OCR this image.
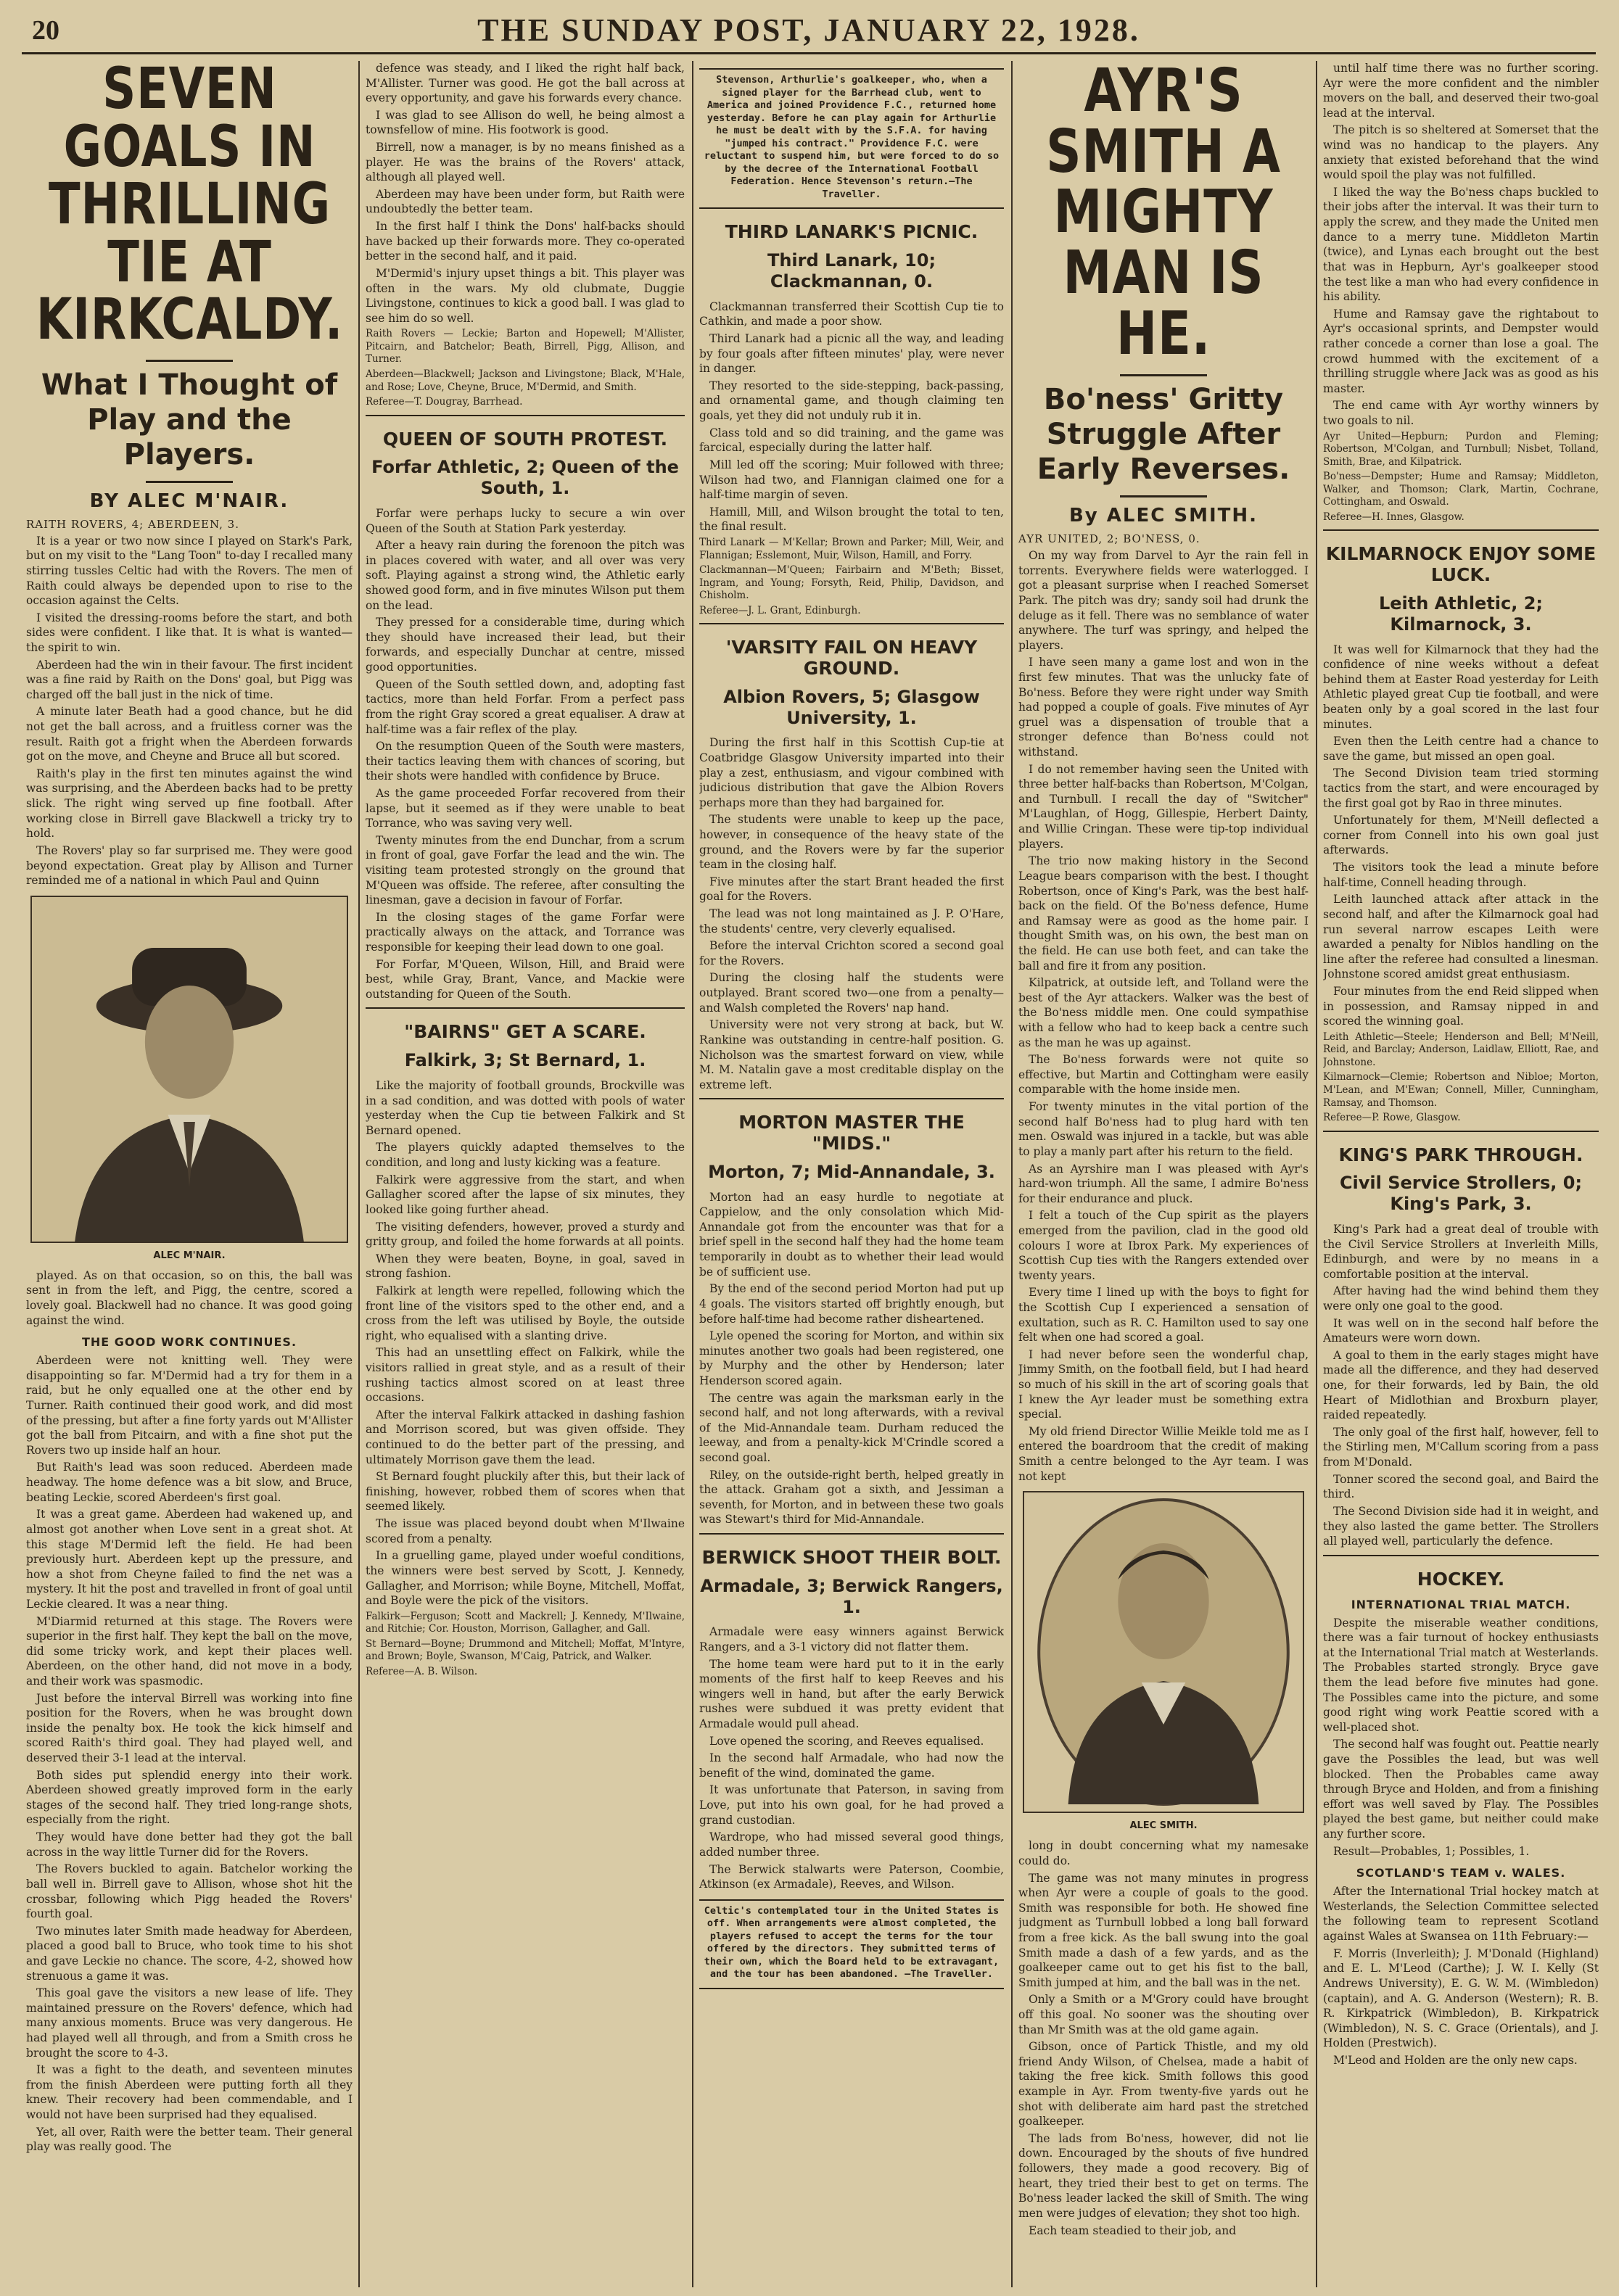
20	THE SUNDAY POST, JANUARY 22, 1928.
SEVEN GOALS IN THRILLING TIE AT KIRKCALDY.
What I Thought of Play and the Players.
BY ALEC M'NAIR.
RAITH ROVERS, 4; ABERDEEN, 3.

It is a year or two now since I played on Stark's Park, but on my visit to the "Lang Toon" to-day I recalled many stirring tussles Celtic had with the Rovers. The men of Raith could always be depended upon to rise to the occasion against the Celts.

I visited the dressing-rooms before the start, and both sides were confident. I like that. It is what is wanted—the spirit to win.

Aberdeen had the win in their favour. The first incident was a fine raid by Raith on the Dons' goal, but Pigg was charged off the ball just in the nick of time.

A minute later Beath had a good chance, but he did not get the ball across, and a fruitless corner was the result. Raith got a fright when the Aberdeen forwards got on the move, and Cheyne and Bruce all but scored.

Raith's play in the first ten minutes against the wind was surprising, and the Aberdeen backs had to be pretty slick. The right wing served up fine football. After working close in Birrell gave Blackwell a tricky try to hold.

The Rovers' play so far surprised me. They were good beyond expectation. Great play by Allison and Turner reminded me of a national in which Paul and Quinn

ALEC M'NAIR.

played. As on that occasion, so on this, the ball was sent in from the left, and Pigg, the centre, scored a lovely goal. Blackwell had no chance. It was good going against the wind.

THE GOOD WORK CONTINUES.

Aberdeen were not knitting well. They were disappointing so far. M'Dermid had a try for them in a raid, but he only equalled one at the other end by Turner. Raith continued their good work, and did most of the pressing, but after a fine forty yards out M'Allister got the ball from Pitcairn, and with a fine shot put the Rovers two up inside half an hour.

But Raith's lead was soon reduced. Aberdeen made headway. The home defence was a bit slow, and Bruce, beating Leckie, scored Aberdeen's first goal.

It was a great game. Aberdeen had wakened up, and almost got another when Love sent in a great shot. At this stage M'Dermid left the field. He had been previously hurt. Aberdeen kept up the pressure, and how a shot from Cheyne failed to find the net was a mystery. It hit the post and travelled in front of goal until Leckie cleared. It was a near thing.

M'Diarmid returned at this stage. The Rovers were superior in the first half. They kept the ball on the move, did some tricky work, and kept their places well. Aberdeen, on the other hand, did not move in a body, and their work was spasmodic.

Just before the interval Birrell was working into fine position for the Rovers, when he was brought down inside the penalty box. He took the kick himself and scored Raith's third goal. They had played well, and deserved their 3-1 lead at the interval.

Both sides put splendid energy into their work. Aberdeen showed greatly improved form in the early stages of the second half. They tried long-range shots, especially from the right.

They would have done better had they got the ball across in the way little Turner did for the Rovers.

The Rovers buckled to again. Batchelor working the ball well in. Birrell gave to Allison, whose shot hit the crossbar, following which Pigg headed the Rovers' fourth goal.

Two minutes later Smith made headway for Aberdeen, placed a good ball to Bruce, who took time to his shot and gave Leckie no chance. The score, 4-2, showed how strenuous a game it was.

This goal gave the visitors a new lease of life. They maintained pressure on the Rovers' defence, which had many anxious moments. Bruce was very dangerous. He had played well all through, and from a Smith cross he brought the score to 4-3.

It was a fight to the death, and seventeen minutes from the finish Aberdeen were putting forth all they knew. Their recovery had been commendable, and I would not have been surprised had they equalised.

Yet, all over, Raith were the better team. Their general play was really good. The

defence was steady, and I liked the right half back, M'Allister. Turner was good. He got the ball across at every opportunity, and gave his forwards every chance.

I was glad to see Allison do well, he being almost a townsfellow of mine. His footwork is good.

Birrell, now a manager, is by no means finished as a player. He was the brains of the Rovers' attack, although all played well.

Aberdeen may have been under form, but Raith were undoubtedly the better team.

In the first half I think the Dons' half-backs should have backed up their forwards more. They co-operated better in the second half, and it paid.

M'Dermid's injury upset things a bit. This player was often in the wars. My old clubmate, Duggie Livingstone, continues to kick a good ball. I was glad to see him do so well.

Raith Rovers — Leckie; Barton and Hopewell; M'Allister, Pitcairn, and Batchelor; Beath, Birrell, Pigg, Allison, and Turner.

Aberdeen—Blackwell; Jackson and Livingstone; Black, M'Hale, and Rose; Love, Cheyne, Bruce, M'Dermid, and Smith.

Referee—T. Dougray, Barrhead.

QUEEN OF SOUTH PROTEST.
Forfar Athletic, 2; Queen of the South, 1.

Forfar were perhaps lucky to secure a win over Queen of the South at Station Park yesterday.

After a heavy rain during the forenoon the pitch was in places covered with water, and all over was very soft. Playing against a strong wind, the Athletic early showed good form, and in five minutes Wilson put them on the lead.

They pressed for a considerable time, during which they should have increased their lead, but their forwards, and especially Dunchar at centre, missed good opportunities.

Queen of the South settled down, and, adopting fast tactics, more than held Forfar. From a perfect pass from the right Gray scored a great equaliser. A draw at half-time was a fair reflex of the play.

On the resumption Queen of the South were masters, their tactics leaving them with chances of scoring, but their shots were handled with confidence by Bruce.

As the game proceeded Forfar recovered from their lapse, but it seemed as if they were unable to beat Torrance, who was saving very well.

Twenty minutes from the end Dunchar, from a scrum in front of goal, gave Forfar the lead and the win. The visiting team protested strongly on the ground that M'Queen was offside. The referee, after consulting the linesman, gave a decision in favour of Forfar.

In the closing stages of the game Forfar were practically always on the attack, and Torrance was responsible for keeping their lead down to one goal.

For Forfar, M'Queen, Wilson, Hill, and Braid were best, while Gray, Brant, Vance, and Mackie were outstanding for Queen of the South.

"BAIRNS" GET A SCARE.
Falkirk, 3; St Bernard, 1.

Like the majority of football grounds, Brockville was in a sad condition, and was dotted with pools of water yesterday when the Cup tie between Falkirk and St Bernard opened.

The players quickly adapted themselves to the condition, and long and lusty kicking was a feature.

Falkirk were aggressive from the start, and when Gallagher scored after the lapse of six minutes, they looked like going further ahead.

The visiting defenders, however, proved a sturdy and gritty group, and foiled the home forwards at all points.

When they were beaten, Boyne, in goal, saved in strong fashion.

Falkirk at length were repelled, following which the front line of the visitors sped to the other end, and a cross from the left was utilised by Boyle, the outside right, who equalised with a slanting drive.

This had an unsettling effect on Falkirk, while the visitors rallied in great style, and as a result of their rushing tactics almost scored on at least three occasions.

After the interval Falkirk attacked in dashing fashion and Morrison scored, but was given offside. They continued to do the better part of the pressing, and ultimately Morrison gave them the lead.

St Bernard fought pluckily after this, but their lack of finishing, however, robbed them of scores when that seemed likely.

The issue was placed beyond doubt when M'Ilwaine scored from a penalty.

In a gruelling game, played under woeful conditions, the winners were best served by Scott, J. Kennedy, Gallagher, and Morrison; while Boyne, Mitchell, Moffat, and Boyle were the pick of the visitors.

Falkirk—Ferguson; Scott and Mackrell; J. Kennedy, M'Ilwaine, and Ritchie; Cor. Houston, Morrison, Gallagher, and Gall.

St Bernard—Boyne; Drummond and Mitchell; Moffat, M'Intyre, and Brown; Boyle, Swanson, M'Caig, Patrick, and Walker.

Referee—A. B. Wilson.

Stevenson, Arthurlie's goalkeeper, who, when a signed player for the Barrhead club, went to America and joined Providence F.C., returned home yesterday. Before he can play again for Arthurlie he must be dealt with by the S.F.A. for having "jumped his contract." Providence F.C. were reluctant to suspend him, but were forced to do so by the decree of the International Football Federation. Hence Stevenson's return.—The Traveller.

THIRD LANARK'S PICNIC.
Third Lanark, 10; Clackmannan, 0.

Clackmannan transferred their Scottish Cup tie to Cathkin, and made a poor show.

Third Lanark had a picnic all the way, and leading by four goals after fifteen minutes' play, were never in danger.

They resorted to the side-stepping, back-passing, and ornamental game, and though claiming ten goals, yet they did not unduly rub it in.

Class told and so did training, and the game was farcical, especially during the latter half.

Mill led off the scoring; Muir followed with three; Wilson had two, and Flannigan claimed one for a half-time margin of seven.

Hamill, Mill, and Wilson brought the total to ten, the final result.

Third Lanark — M'Kellar; Brown and Parker; Mill, Weir, and Flannigan; Esslemont, Muir, Wilson, Hamill, and Forry.

Clackmannan—M'Queen; Fairbairn and M'Beth; Bisset, Ingram, and Young; Forsyth, Reid, Philip, Davidson, and Chisholm.

Referee—J. L. Grant, Edinburgh.

'VARSITY FAIL ON HEAVY GROUND.
Albion Rovers, 5; Glasgow University, 1.

During the first half in this Scottish Cup-tie at Coatbridge Glasgow University imparted into their play a zest, enthusiasm, and vigour combined with judicious distribution that gave the Albion Rovers perhaps more than they had bargained for.

The students were unable to keep up the pace, however, in consequence of the heavy state of the ground, and the Rovers were by far the superior team in the closing half.

Five minutes after the start Brant headed the first goal for the Rovers.

The lead was not long maintained as J. P. O'Hare, the students' centre, very cleverly equalised.

Before the interval Crichton scored a second goal for the Rovers.

During the closing half the students were outplayed. Brant scored two—one from a penalty—and Walsh completed the Rovers' nap hand.

University were not very strong at back, but W. Rankine was outstanding in centre-half position. G. Nicholson was the smartest forward on view, while M. M. Natalin gave a most creditable display on the extreme left.

MORTON MASTER THE "MIDS."
Morton, 7; Mid-Annandale, 3.

Morton had an easy hurdle to negotiate at Cappielow, and the only consolation which Mid-Annandale got from the encounter was that for a brief spell in the second half they had the home team temporarily in doubt as to whether their lead would be of sufficient use.

By the end of the second period Morton had put up 4 goals. The visitors started off brightly enough, but before half-time had become rather disheartened.

Lyle opened the scoring for Morton, and within six minutes another two goals had been registered, one by Murphy and the other by Henderson; later Henderson scored again.

The centre was again the marksman early in the second half, and not long afterwards, with a revival of the Mid-Annandale team. Durham reduced the leeway, and from a penalty-kick M'Crindle scored a second goal.

Riley, on the outside-right berth, helped greatly in the attack. Graham got a sixth, and Jessiman a seventh, for Morton, and in between these two goals was Stewart's third for Mid-Annandale.

BERWICK SHOOT THEIR BOLT.
Armadale, 3; Berwick Rangers, 1.

Armadale were easy winners against Berwick Rangers, and a 3-1 victory did not flatter them.

The home team were hard put to it in the early moments of the first half to keep Reeves and his wingers well in hand, but after the early Berwick rushes were subdued it was pretty evident that Armadale would pull ahead.

Love opened the scoring, and Reeves equalised.

In the second half Armadale, who had now the benefit of the wind, dominated the game.

It was unfortunate that Paterson, in saving from Love, put into his own goal, for he had proved a grand custodian.

Wardrope, who had missed several good things, added number three.

The Berwick stalwarts were Paterson, Coombie, Atkinson (ex Armadale), Reeves, and Wilson.

Celtic's contemplated tour in the United States is off. When arrangements were almost completed, the players refused to accept the terms for the tour offered by the directors. They submitted terms of their own, which the Board held to be extravagant, and the tour has been abandoned. —The Traveller.

AYR'S SMITH A MIGHTY MAN IS HE.
Bo'ness' Gritty Struggle After Early Reverses.
By ALEC SMITH.
AYR UNITED, 2; BO'NESS, 0.

On my way from Darvel to Ayr the rain fell in torrents. Everywhere fields were waterlogged. I got a pleasant surprise when I reached Somerset Park. The pitch was dry; sandy soil had drunk the deluge as it fell. There was no semblance of water anywhere. The turf was springy, and helped the players.

I have seen many a game lost and won in the first few minutes. That was the unlucky fate of Bo'ness. Before they were right under way Smith had popped a couple of goals. Five minutes of Ayr gruel was a dispensation of trouble that a stronger defence than Bo'ness could not withstand.

I do not remember having seen the United with three better half-backs than Robertson, M'Colgan, and Turnbull. I recall the day of "Switcher" M'Laughlan, of Hogg, Gillespie, Herbert Dainty, and Willie Cringan. These were tip-top individual players.

The trio now making history in the Second League bears comparison with the best. I thought Robertson, once of King's Park, was the best half-back on the field. Of the Bo'ness defence, Hume and Ramsay were as good as the home pair. I thought Smith was, on his own, the best man on the field. He can use both feet, and can take the ball and fire it from any position.

Kilpatrick, at outside left, and Tolland were the best of the Ayr attackers. Walker was the best of the Bo'ness middle men. One could sympathise with a fellow who had to keep back a centre such as the man he was up against.

The Bo'ness forwards were not quite so effective, but Martin and Cottingham were easily comparable with the home inside men.

For twenty minutes in the vital portion of the second half Bo'ness had to plug hard with ten men. Oswald was injured in a tackle, but was able to play a manly part after his return to the field.

As an Ayrshire man I was pleased with Ayr's hard-won triumph. All the same, I admire Bo'ness for their endurance and pluck.

I felt a touch of the Cup spirit as the players emerged from the pavilion, clad in the good old colours I wore at Ibrox Park. My experiences of Scottish Cup ties with the Rangers extended over twenty years.

Every time I lined up with the boys to fight for the Scottish Cup I experienced a sensation of exultation, such as R. C. Hamilton used to say one felt when one had scored a goal.

I had never before seen the wonderful chap, Jimmy Smith, on the football field, but I had heard so much of his skill in the art of scoring goals that I knew the Ayr leader must be something extra special.

My old friend Director Willie Meikle told me as I entered the boardroom that the credit of making Smith a centre belonged to the Ayr team. I was not kept

ALEC SMITH.

long in doubt concerning what my namesake could do.

The game was not many minutes in progress when Ayr were a couple of goals to the good. Smith was responsible for both. He showed fine judgment as Turnbull lobbed a long ball forward from a free kick. As the ball swung into the goal Smith made a dash of a few yards, and as the goalkeeper came out to get his fist to the ball, Smith jumped at him, and the ball was in the net.

Only a Smith or a M'Grory could have brought off this goal. No sooner was the shouting over than Mr Smith was at the old game again.

Gibson, once of Partick Thistle, and my old friend Andy Wilson, of Chelsea, made a habit of taking the free kick. Smith follows this good example in Ayr. From twenty-five yards out he shot with deliberate aim hard past the stretched goalkeeper.

The lads from Bo'ness, however, did not lie down. Encouraged by the shouts of five hundred followers, they made a good recovery. Big of heart, they tried their best to get on terms. The Bo'ness leader lacked the skill of Smith. The wing men were judges of elevation; they shot too high.

Each team steadied to their job, and

until half time there was no further scoring. Ayr were the more confident and the nimbler movers on the ball, and deserved their two-goal lead at the interval.

The pitch is so sheltered at Somerset that the wind was no handicap to the players. Any anxiety that existed beforehand that the wind would spoil the play was not fulfilled.

I liked the way the Bo'ness chaps buckled to their jobs after the interval. It was their turn to apply the screw, and they made the United men dance to a merry tune. Middleton Martin (twice), and Lynas each brought out the best that was in Hepburn, Ayr's goalkeeper stood the test like a man who had every confidence in his ability.

Hume and Ramsay gave the rightabout to Ayr's occasional sprints, and Dempster would rather concede a corner than lose a goal. The crowd hummed with the excitement of a thrilling struggle where Jack was as good as his master.

The end came with Ayr worthy winners by two goals to nil.

Ayr United—Hepburn; Purdon and Fleming; Robertson, M'Colgan, and Turnbull; Nisbet, Tolland, Smith, Brae, and Kilpatrick.

Bo'ness—Dempster; Hume and Ramsay; Middleton, Walker, and Thomson; Clark, Martin, Cochrane, Cottingham, and Oswald.

Referee—H. Innes, Glasgow.

KILMARNOCK ENJOY SOME LUCK.
Leith Athletic, 2; Kilmarnock, 3.

It was well for Kilmarnock that they had the confidence of nine weeks without a defeat behind them at Easter Road yesterday for Leith Athletic played great Cup tie football, and were beaten only by a goal scored in the last four minutes.

Even then the Leith centre had a chance to save the game, but missed an open goal.

The Second Division team tried storming tactics from the start, and were encouraged by the first goal got by Rao in three minutes.

Unfortunately for them, M'Neill deflected a corner from Connell into his own goal just afterwards.

The visitors took the lead a minute before half-time, Connell heading through.

Leith launched attack after attack in the second half, and after the Kilmarnock goal had run several narrow escapes Leith were awarded a penalty for Niblos handling on the line after the referee had consulted a linesman. Johnstone scored amidst great enthusiasm.

Four minutes from the end Reid slipped when in possession, and Ramsay nipped in and scored the winning goal.

Leith Athletic—Steele; Henderson and Bell; M'Neill, Reid, and Barclay; Anderson, Laidlaw, Elliott, Rae, and Johnstone.

Kilmarnock—Clemie; Robertson and Nibloe; Morton, M'Lean, and M'Ewan; Connell, Miller, Cunningham, Ramsay, and Thomson.

Referee—P. Rowe, Glasgow.

KING'S PARK THROUGH.
Civil Service Strollers, 0; King's Park, 3.

King's Park had a great deal of trouble with the Civil Service Strollers at Inverleith Mills, Edinburgh, and were by no means in a comfortable position at the interval.

After having had the wind behind them they were only one goal to the good.

It was well on in the second half before the Amateurs were worn down.

A goal to them in the early stages might have made all the difference, and they had deserved one, for their forwards, led by Bain, the old Heart of Midlothian and Broxburn player, raided repeatedly.

The only goal of the first half, however, fell to the Stirling men, M'Callum scoring from a pass from M'Donald.

Tonner scored the second goal, and Baird the third.

The Second Division side had it in weight, and they also lasted the game better. The Strollers all played well, particularly the defence.

HOCKEY.
INTERNATIONAL TRIAL MATCH.

Despite the miserable weather conditions, there was a fair turnout of hockey enthusiasts at the International Trial match at Westerlands. The Probables started strongly. Bryce gave them the lead before five minutes had gone. The Possibles came into the picture, and some good right wing work Peattie scored with a well-placed shot.

The second half was fought out. Peattie nearly gave the Possibles the lead, but was well blocked. Then the Probables came away through Bryce and Holden, and from a finishing effort was well saved by Flay. The Possibles played the best game, but neither could make any further score.

Result—Probables, 1; Possibles, 1.

SCOTLAND'S TEAM v. WALES.

After the International Trial hockey match at Westerlands, the Selection Committee selected the following team to represent Scotland against Wales at Swansea on 11th February:—

F. Morris (Inverleith); J. M'Donald (Highland) and E. L. M'Leod (Carthe); J. W. I. Kelly (St Andrews University), E. G. W. M. (Wimbledon) (captain), and A. G. Anderson (Western); R. B. R. Kirkpatrick (Wimbledon), B. Kirkpatrick (Wimbledon), N. S. C. Grace (Orientals), and J. Holden (Prestwich).

M'Leod and Holden are the only new caps.
